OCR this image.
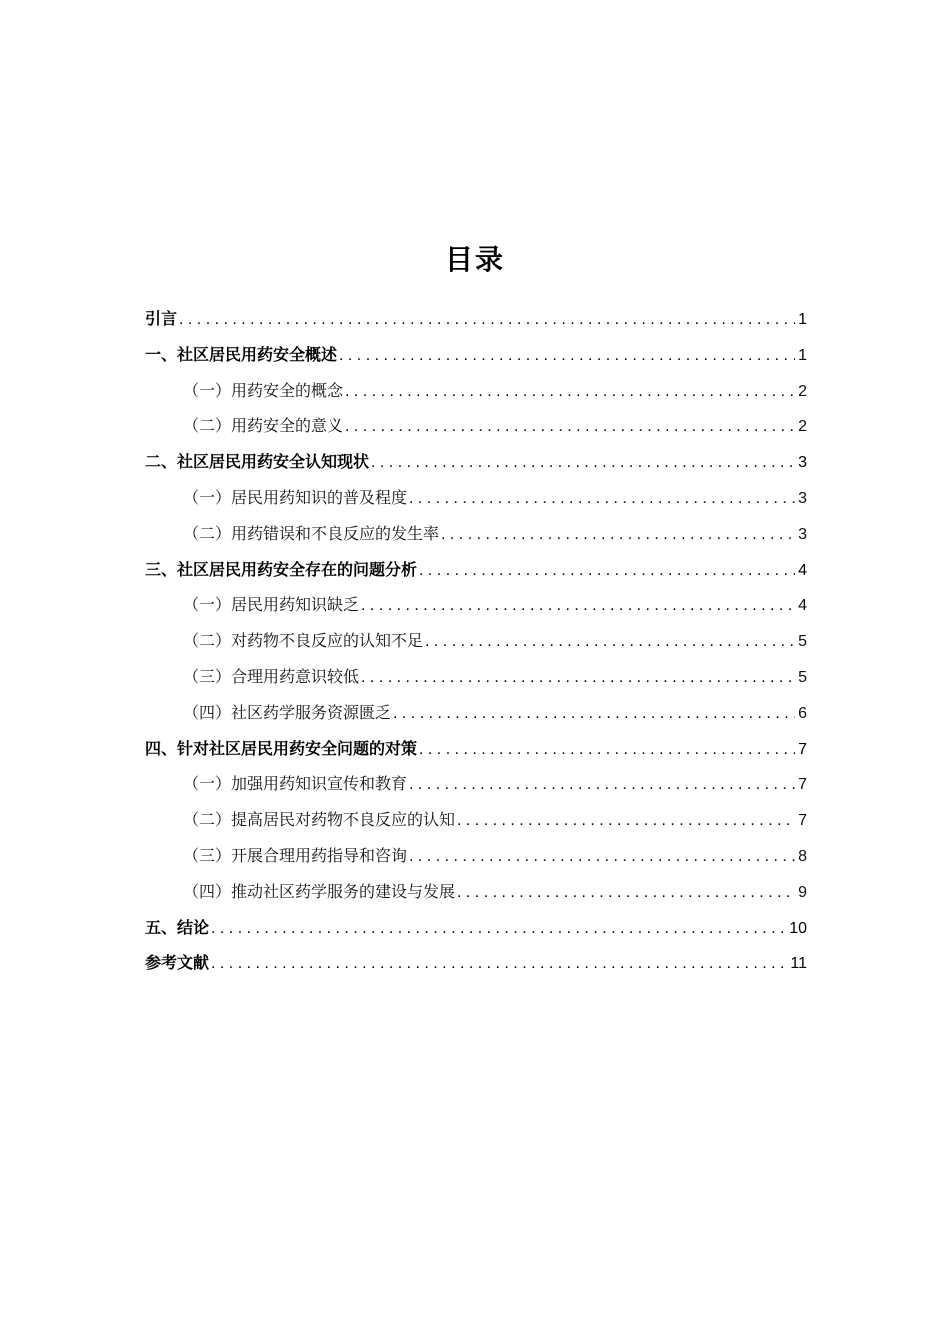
目录
引言 . . .	1
一、社区居民用药安全概述 . . .	1
（一）用药安全的概念 . . .	2
（二）用药安全的意义 . . .	2
二、社区居民用药安全认知现状 . . .	3
（一）居民用药知识的普及程度 . . .	3
（二）用药错误和不良反应的发生率 . . .	3
三、社区居民用药安全存在的问题分析 . . .	4
（一）居民用药知识缺乏 . . .	4
（二）对药物不良反应的认知不足 . . .	5
（三）合理用药意识较低 . . .	5
（四）社区药学服务资源匮乏 . . .	6
四、针对社区居民用药安全问题的对策 . . .	7
（一）加强用药知识宣传和教育 . . .	7
（二）提高居民对药物不良反应的认知 . . .	7
（三）开展合理用药指导和咨询 . . .	8
（四）推动社区药学服务的建设与发展 . . .	9
五、结论 . . .	10
参考文献 . . .	11
